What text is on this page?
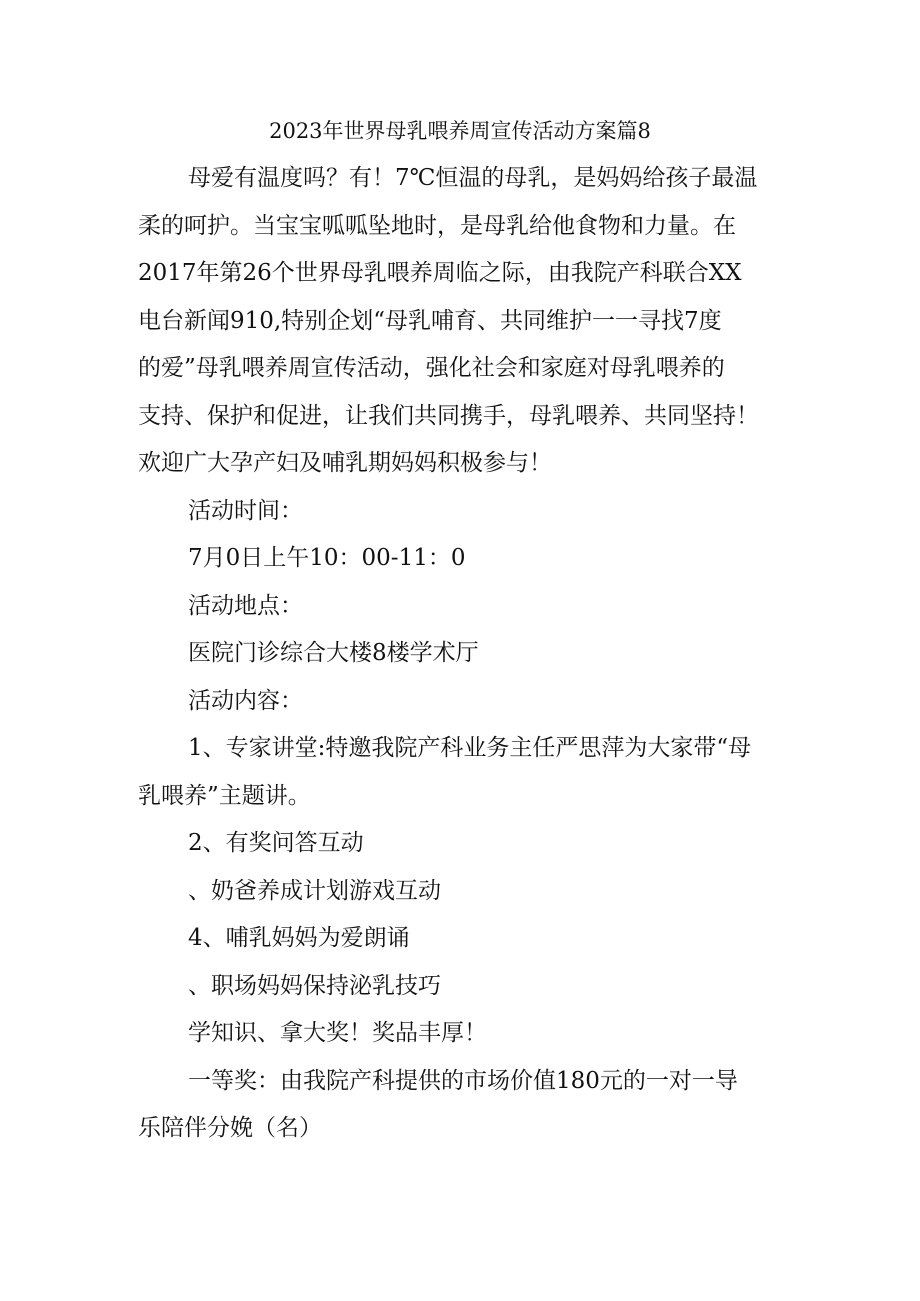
2023年世界母乳喂养周宣传活动方案篇8

母爱有温度吗？有！7℃恒温的母乳，是妈妈给孩子最温
柔的呵护。当宝宝呱呱坠地时，是母乳给他食物和力量。在
2017年第26个世界母乳喂养周临之际，由我院产科联合XX
电台新闻910,特别企划“母乳哺育、共同维护一一寻找7度
的爱”母乳喂养周宣传活动，强化社会和家庭对母乳喂养的
支持、保护和促进，让我们共同携手，母乳喂养、共同坚持！
欢迎广大孕产妇及哺乳期妈妈积极参与！

活动时间：

7月0日上午10：00-11：0

活动地点：

医院门诊综合大楼8楼学术厅

活动内容：

1、专家讲堂:特邀我院产科业务主任严思萍为大家带“母
乳喂养”主题讲。

2、有奖问答互动

、奶爸养成计划游戏互动

4、哺乳妈妈为爱朗诵

、职场妈妈保持泌乳技巧

学知识、拿大奖！奖品丰厚！

一等奖：由我院产科提供的市场价值180元的一对一导
乐陪伴分娩（名）
